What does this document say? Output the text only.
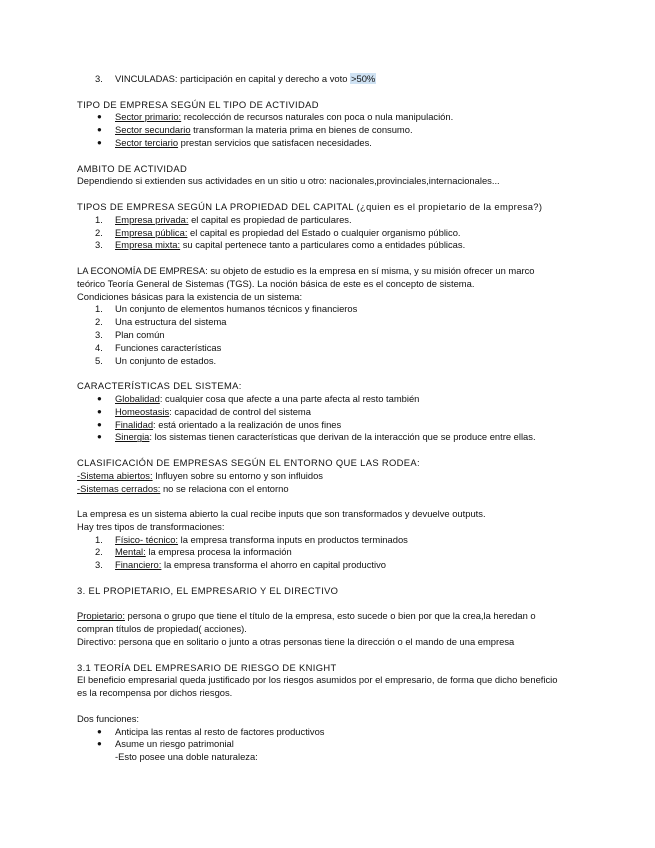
3.	VINCULADAS: participación en capital y derecho a voto >50%

TIPO DE EMPRESA SEGÚN EL TIPO DE ACTIVIDAD

● Sector primario: recolección de recursos naturales con poca o nula manipulación.
● Sector secundario transforman la materia prima en bienes de consumo.
● Sector terciario prestan servicios que satisfacen necesidades.

AMBITO DE ACTIVIDAD

Dependiendo si extienden sus actividades en un sitio u otro: nacionales,provinciales,internacionales...

TIPOS DE EMPRESA SEGÚN LA PROPIEDAD DEL CAPITAL (¿quien es el propietario de la empresa?)

1.	Empresa privada: el capital es propiedad de particulares.
2.	Empresa pública: el capital es propiedad del Estado o cualquier organismo público.
3.	Empresa mixta: su capital pertenece tanto a particulares como a entidades públicas.

LA ECONOMÍA DE EMPRESA: su objeto de estudio es la empresa en sí misma, y su misión ofrecer un marco

teórico Teoría General de Sistemas (TGS). La noción básica de este es el concepto de sistema.

Condiciones básicas para la existencia de un sistema:

1.	Un conjunto de elementos humanos técnicos y financieros
2.	Una estructura del sistema
3.	Plan común
4.	Funciones características
5.	Un conjunto de estados.

CARACTERÍSTICAS DEL SISTEMA:

● Globalidad: cualquier cosa que afecte a una parte afecta al resto también
● Homeostasis: capacidad de control del sistema
● Finalidad: está orientado a la realización de unos fines
● Sinergia: los sistemas tienen características que derivan de la interacción que se produce entre ellas.

CLASIFICACIÓN DE EMPRESAS SEGÚN EL ENTORNO QUE LAS RODEA:

-Sistema abiertos: Influyen sobre su entorno y son influidos

-Sistemas cerrados: no se relaciona con el entorno

La empresa es un sistema abierto la cual recibe inputs que son transformados y devuelve outputs.

Hay tres tipos de transformaciones:

1.	Físico- técnico: la empresa transforma inputs en productos terminados
2.	Mental: la empresa procesa la información
3.	Financiero: la empresa transforma el ahorro en capital productivo

3. EL PROPIETARIO, EL EMPRESARIO Y EL DIRECTIVO

Propietario: persona o grupo que tiene el título de la empresa, esto sucede o bien por que la crea,la heredan o

compran títulos de propiedad( acciones).

Directivo: persona que en solitario o junto a otras personas tiene la dirección o el mando de una empresa

3.1 TEORÍA DEL EMPRESARIO DE RIESGO DE KNIGHT

El beneficio empresarial queda justificado por los riesgos asumidos por el empresario, de forma que dicho beneficio

es la recompensa por dichos riesgos.

Dos funciones:

● Anticipa las rentas al resto de factores productivos
● Asume un riesgo patrimonial

-Esto posee una doble naturaleza:
